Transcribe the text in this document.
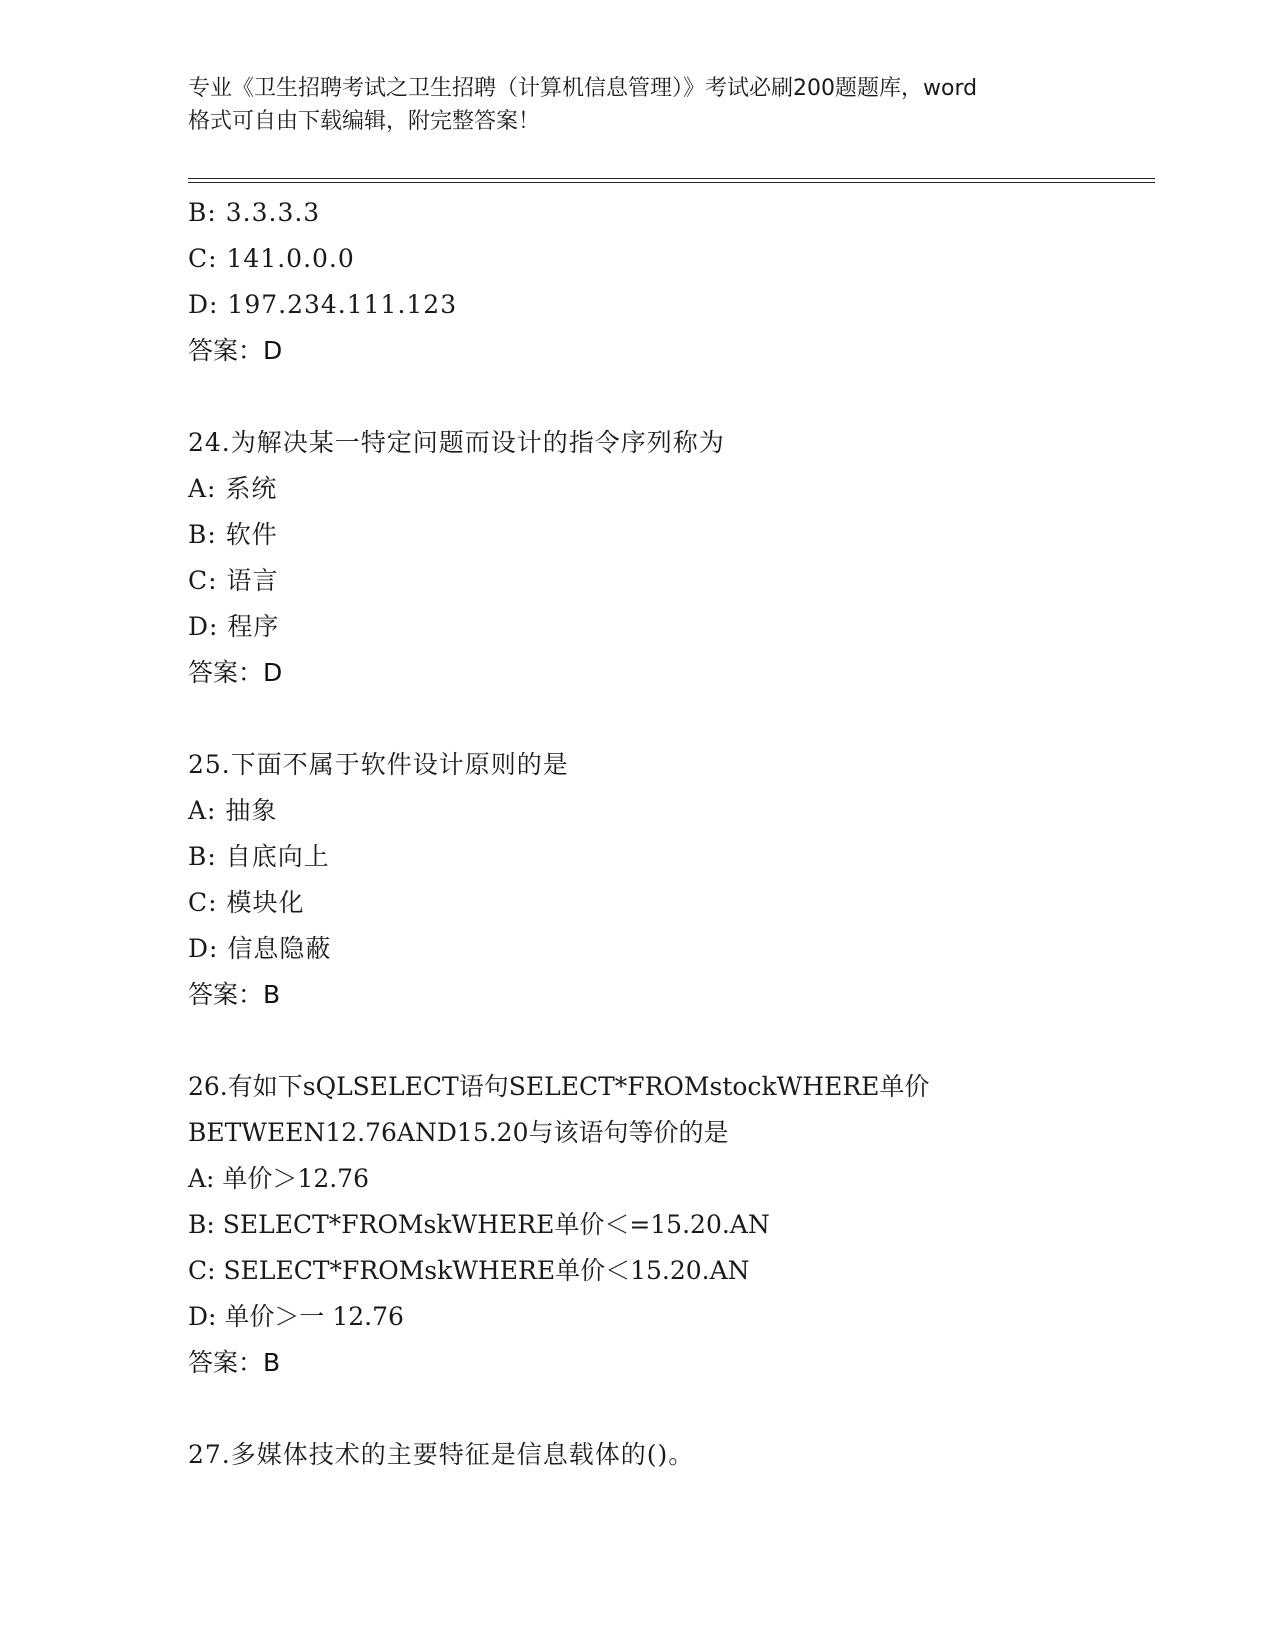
专业《卫生招聘考试之卫生招聘（计算机信息管理）》考试必刷200题题库，word
格式可自由下载编辑，附完整答案！
B: 3.3.3.3
C: 141.0.0.0
D: 197.234.111.123
答案：D
24.为解决某一特定问题而设计的指令序列称为
A: 系统
B: 软件
C: 语言
D: 程序
答案：D
25.下面不属于软件设计原则的是
A: 抽象
B: 自底向上
C: 模块化
D: 信息隐蔽
答案：B
26.有如下sQLSELECT语句SELECT*FROMstockWHERE单价
BETWEEN12.76AND15.20与该语句等价的是
A: 单价＞12.76
B: SELECT*FROMskWHERE单价＜=15.20.AN
C: SELECT*FROMskWHERE单价＜15.20.AN
D: 单价＞一 12.76
答案：B
27.多媒体技术的主要特征是信息载体的()。
